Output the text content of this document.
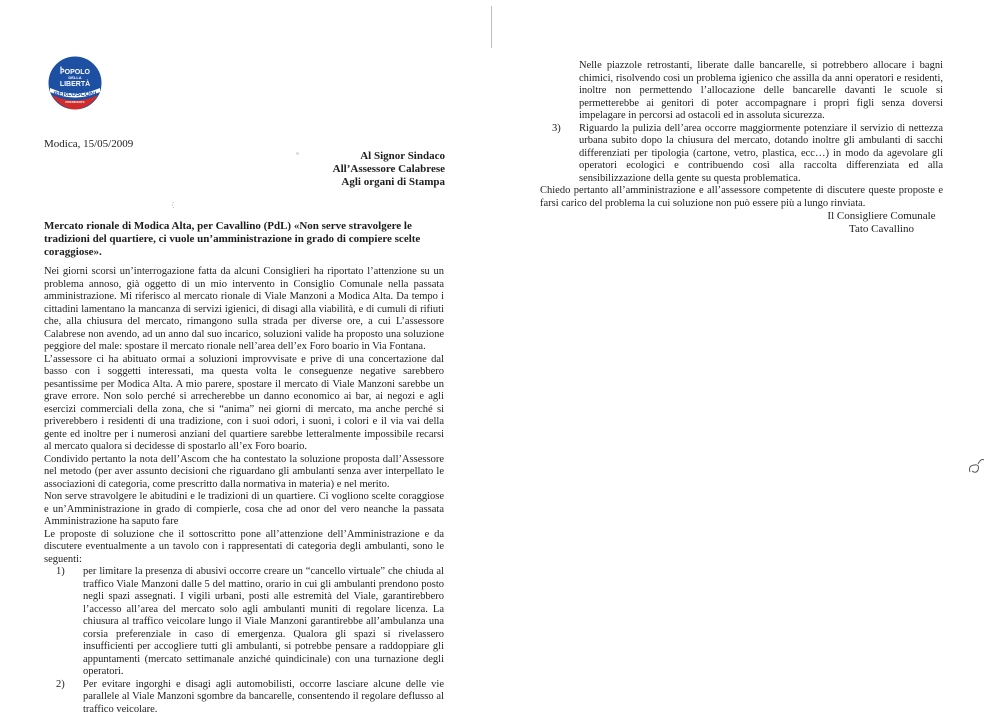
IL
POPOLO
DELLA
LIBERTÀ
BERLUSCONI
PRESIDENTE
Modica, 15/05/2009
Al Signor Sindaco
All’Assessore Calabrese
Agli organi di Stampa
Mercato rionale di Modica Alta, per Cavallino (PdL) «Non serve stravolgere le tradizioni del quartiere, ci vuole un’amministrazione in grado di compiere scelte coraggiose».

Nei giorni scorsi un’interrogazione fatta da alcuni Consiglieri ha riportato l’attenzione su un problema annoso, già oggetto di un mio intervento in Consiglio Comunale nella passata amministrazione. Mi riferisco al mercato rionale di Viale Manzoni a Modica Alta. Da tempo i cittadini lamentano la mancanza di servizi igienici, di disagi alla viabilità, e di cumuli di rifiuti che, alla chiusura del mercato, rimangono sulla strada per diverse ore, a cui L’assessore Calabrese non avendo, ad un anno dal suo incarico, soluzioni valide ha proposto una soluzione peggiore del male: spostare il mercato rionale nell’area dell’ex Foro boario in Via Fontana.

L’assessore ci ha abituato ormai a soluzioni improvvisate e prive di una concertazione dal basso con i soggetti interessati, ma questa volta le conseguenze negative sarebbero pesantissime per Modica Alta. A mio parere, spostare il mercato di Viale Manzoni sarebbe un grave errore. Non solo perché si arrecherebbe un danno economico ai bar, ai negozi e agli esercizi commerciali della zona, che si “anima” nei giorni di mercato, ma anche perché si priverebbero i residenti di una tradizione, con i suoi odori, i suoni, i colori e il via vai della gente ed inoltre per i numerosi anziani del quartiere sarebbe letteralmente impossibile recarsi al mercato qualora si decidesse di spostarlo all’ex Foro boario.

Condivido pertanto la nota dell’Ascom che ha contestato la soluzione proposta dall’Assessore nel metodo (per aver assunto decisioni che riguardano gli ambulanti senza aver interpellato le associazioni di categoria, come prescritto dalla normativa in materia) e nel merito.

Non serve stravolgere le abitudini e le tradizioni di un quartiere. Ci vogliono scelte coraggiose e un’Amministrazione in grado di compierle, cosa che ad onor del vero neanche la passata Amministrazione ha saputo fare

Le proposte di soluzione che il sottoscritto pone all’attenzione dell’Amministrazione e da discutere eventualmente a un tavolo con i rappresentati di categoria degli ambulanti, sono le seguenti:

1) per limitare la presenza di abusivi occorre creare un “cancello virtuale” che chiuda al traffico Viale Manzoni dalle 5 del mattino, orario in cui gli ambulanti prendono posto negli spazi assegnati. I vigili urbani, posti alle estremità del Viale, garantirebbero l’accesso all’area del mercato solo agli ambulanti muniti di regolare licenza. La chiusura al traffico veicolare lungo il Viale Manzoni garantirebbe all’ambulanza una corsia preferenziale in caso di emergenza. Qualora gli spazi si rivelassero insufficienti per accogliere tutti gli ambulanti, si potrebbe pensare a raddoppiare gli appuntamenti (mercato settimanale anziché quindicinale) con una turnazione degli operatori.
2) Per evitare ingorghi e disagi agli automobilisti, occorre lasciare alcune delle vie parallele al Viale Manzoni sgombre da bancarelle, consentendo il regolare deflusso al traffico veicolare.
Nelle piazzole retrostanti, liberate dalle bancarelle, si potrebbero allocare i bagni chimici, risolvendo così un problema igienico che assilla da anni operatori e residenti, inoltre non permettendo l’allocazione delle bancarelle davanti le scuole si permetterebbe ai genitori di poter accompagnare i propri figli senza doversi impelagare in percorsi ad ostacoli ed in assoluta sicurezza.
3) Riguardo la pulizia dell’area occorre maggiormente potenziare il servizio di nettezza urbana subito dopo la chiusura del mercato, dotando inoltre gli ambulanti di sacchi differenziati per tipologia (cartone, vetro, plastica, ecc…) in modo da agevolare gli operatori ecologici e contribuendo così alla raccolta differenziata ed alla sensibilizzazione della gente su questa problematica.

Chiedo pertanto all’amministrazione e all’assessore competente di discutere queste proposte e farsi carico del problema la cui soluzione non può essere più a lungo rinviata.

Il Consigliere Comunale
Tato Cavallino
